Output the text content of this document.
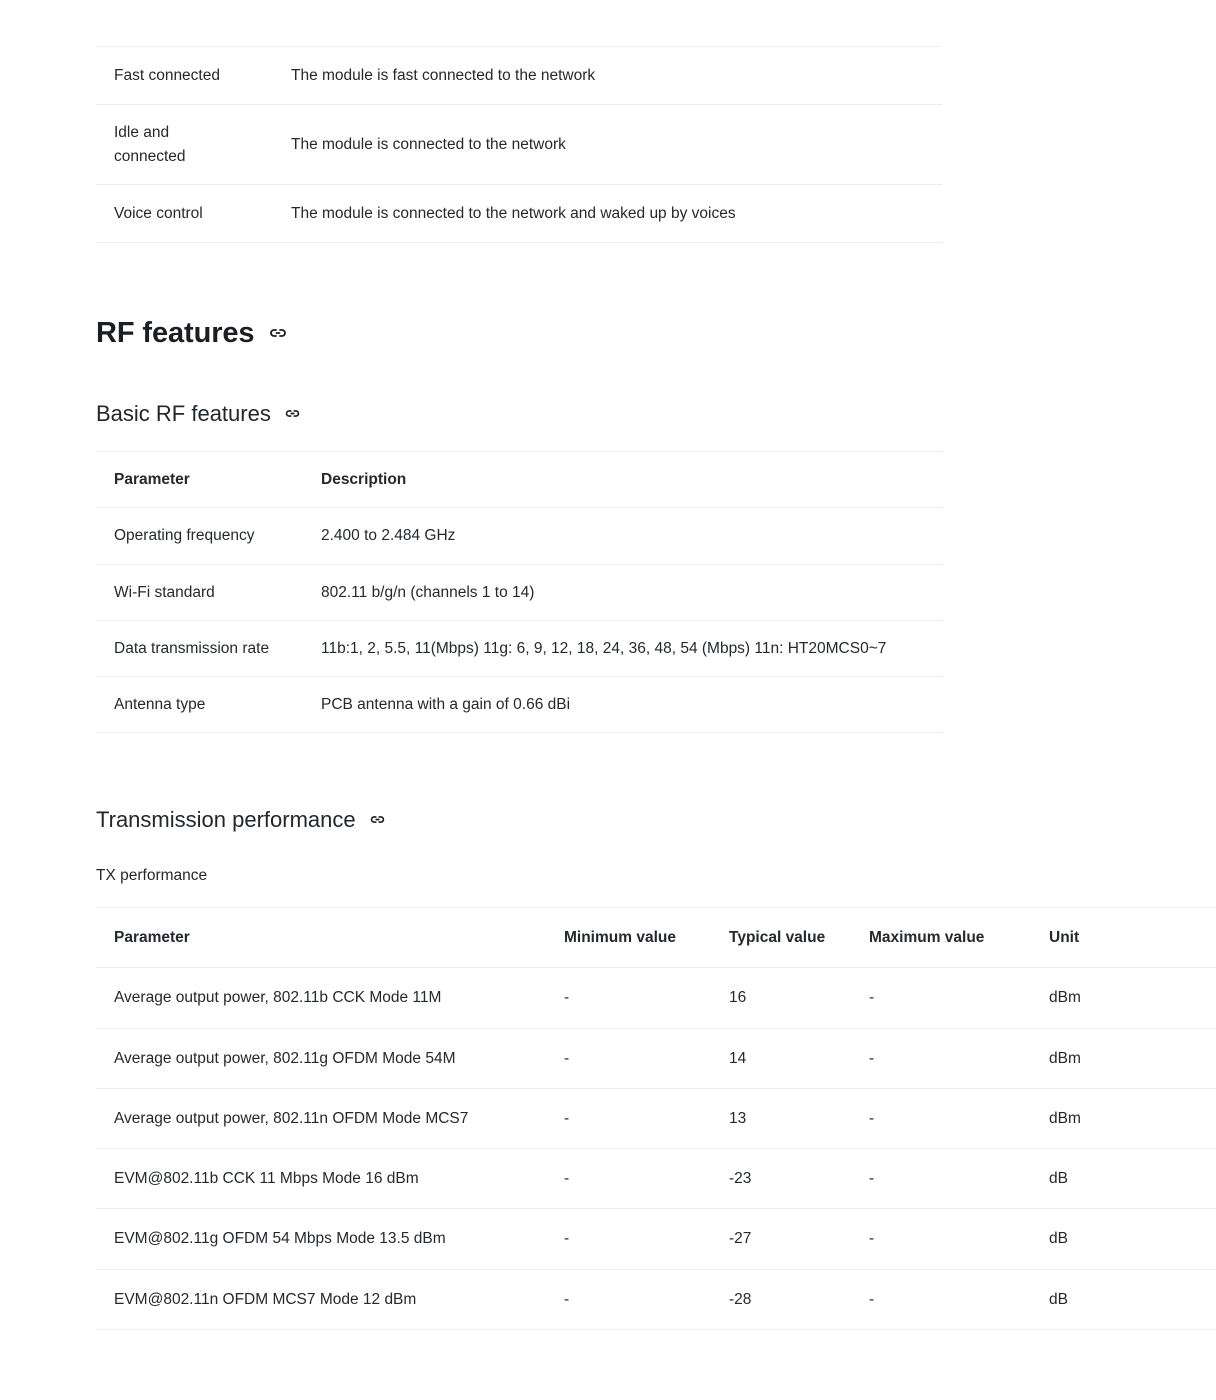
Fast connected	The module is fast connected to the network
Idle and
connected	The module is connected to the network
Voice control	The module is connected to the network and waked up by voices
RF features
Basic RF features
Parameter	Description
Operating frequency	2.400 to 2.484 GHz
Wi-Fi standard	802.11 b/g/n (channels 1 to 14)
Data transmission rate	11b:1, 2, 5.5, 11(Mbps) 11g: 6, 9, 12, 18, 24, 36, 48, 54 (Mbps) 11n: HT20MCS0~7
Antenna type	PCB antenna with a gain of 0.66 dBi
Transmission performance

TX performance

Parameter	Minimum value	Typical value	Maximum value	Unit
Average output power, 802.11b CCK Mode 11M	-	16	-	dBm
Average output power, 802.11g OFDM Mode 54M	-	14	-	dBm
Average output power, 802.11n OFDM Mode MCS7	-	13	-	dBm
EVM@802.11b CCK 11 Mbps Mode 16 dBm	-	-23	-	dB
EVM@802.11g OFDM 54 Mbps Mode 13.5 dBm	-	-27	-	dB
EVM@802.11n OFDM MCS7 Mode 12 dBm	-	-28	-	dB
